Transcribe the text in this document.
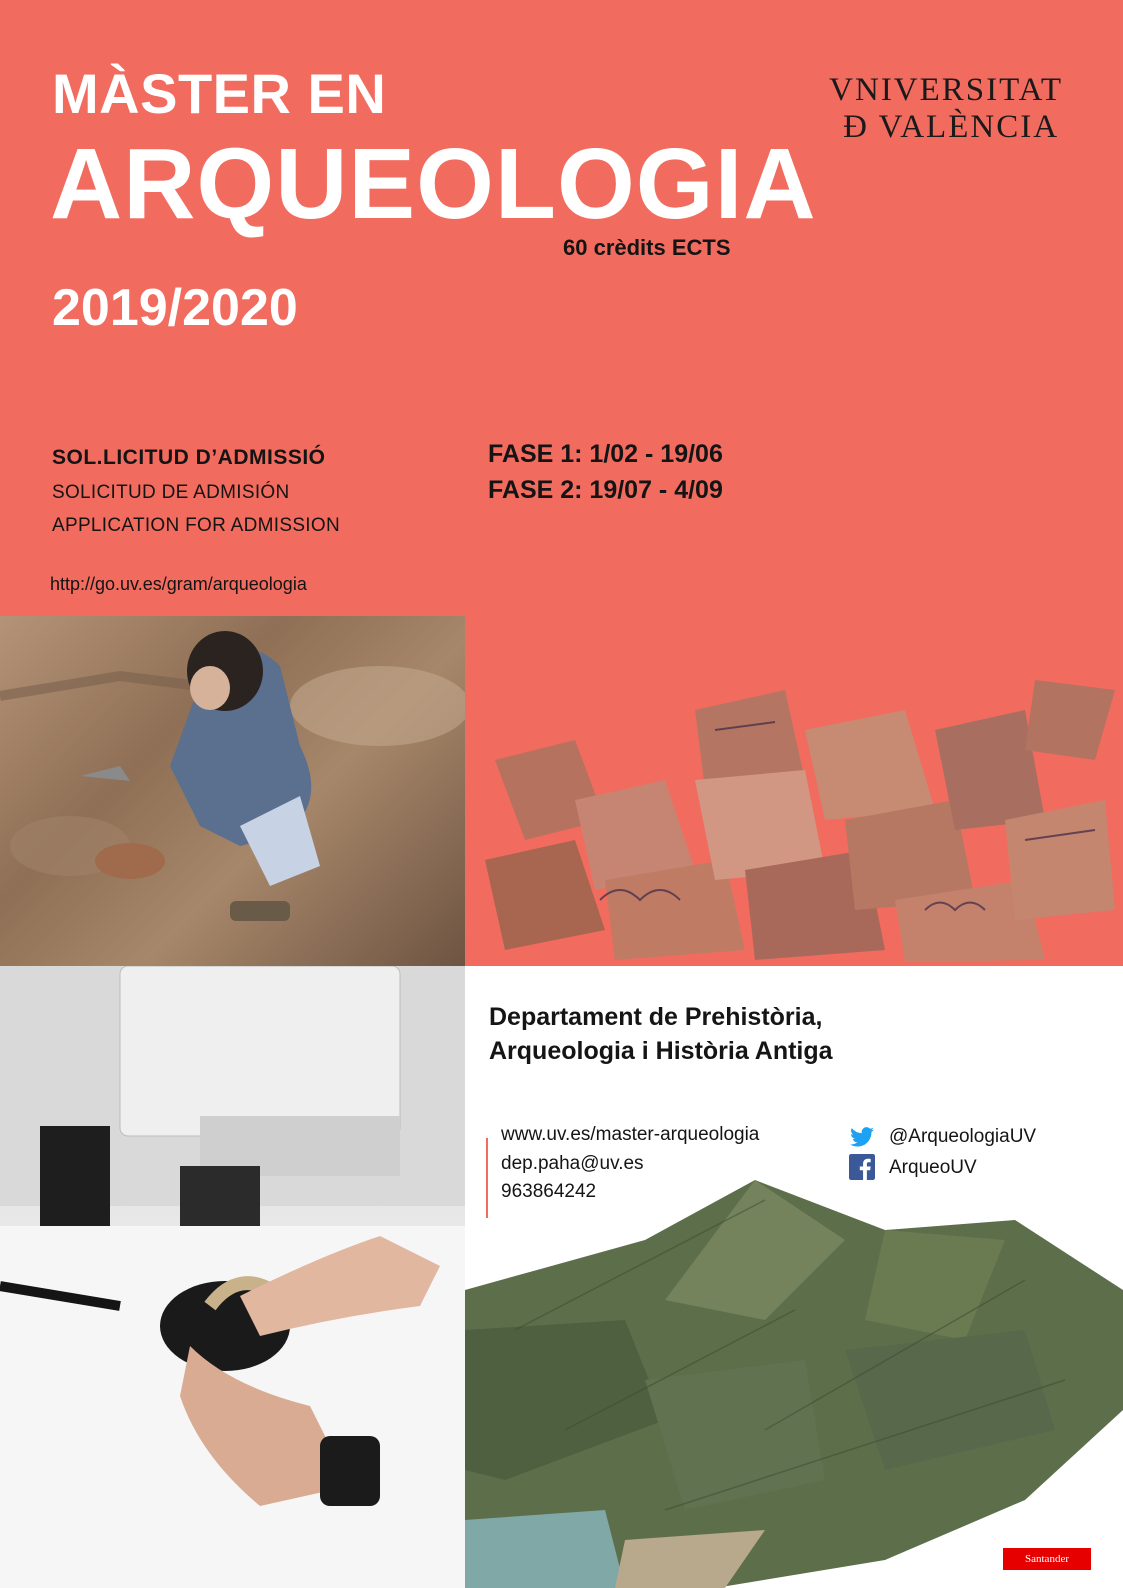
MÀSTER EN
ARQUEOLOGIA
60 crèdits ECTS
2019/2020
VNIVERSITAT
Đ VALÈNCIA
SOL.LICITUD D’ADMISSIÓ
SOLICITUD DE ADMISIÓN
APPLICATION FOR ADMISSION
FASE 1: 1/02 - 19/06
FASE 2: 19/07 - 4/09
http://go.uv.es/gram/arqueologia
Departament de Prehistòria,
Arqueologia i Història Antiga
www.uv.es/master-arqueologia
dep.paha@uv.es
963864242
@ArqueologiaUV
ArqueoUV
Santander
